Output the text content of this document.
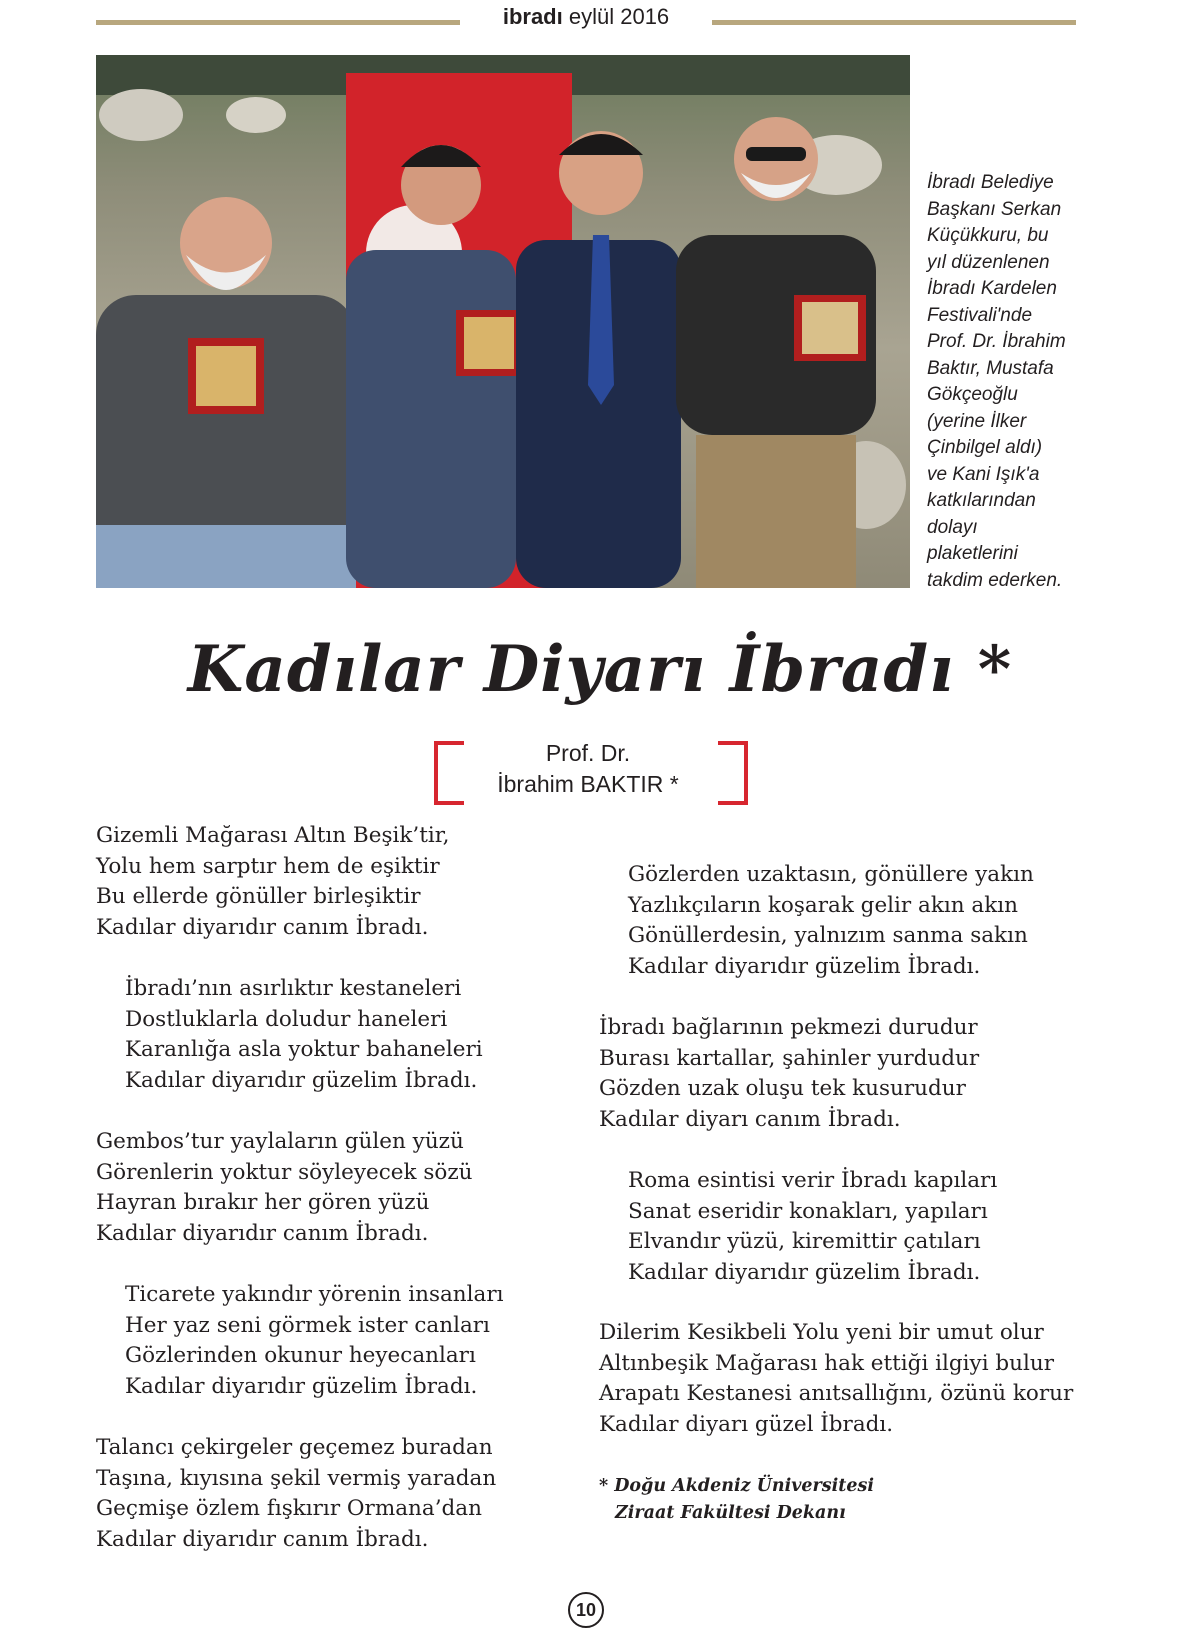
ibradı eylül 2016
İbradı Belediye
Başkanı Serkan
Küçükkuru, bu
yıl düzenlenen
İbradı Kardelen
Festivali'nde
Prof. Dr. İbrahim
Baktır, Mustafa
Gökçeoğlu
(yerine İlker
Çinbilgel aldı)
ve Kani Işık'a
katkılarından
dolayı
plaketlerini
takdim ederken.
Kadılar Diyarı İbradı *
Prof. Dr.
İbrahim BAKTIR *
Gizemli Mağarası Altın Beşik’tir,
Yolu hem sarptır hem de eşiktir
Bu ellerde gönüller birleşiktir
Kadılar diyarıdır canım İbradı.
İbradı’nın asırlıktır kestaneleri
Dostluklarla doludur haneleri
Karanlığa asla yoktur bahaneleri
Kadılar diyarıdır güzelim İbradı.
Gembos’tur yaylaların gülen yüzü
Görenlerin yoktur söyleyecek sözü
Hayran bırakır her gören yüzü
Kadılar diyarıdır canım İbradı.
Ticarete yakındır yörenin insanları
Her yaz seni görmek ister canları
Gözlerinden okunur heyecanları
Kadılar diyarıdır güzelim İbradı.
Talancı çekirgeler geçemez buradan
Taşına, kıyısına şekil vermiş yaradan
Geçmişe özlem fışkırır Ormana’dan
Kadılar diyarıdır canım İbradı.
Gözlerden uzaktasın, gönüllere yakın
Yazlıkçıların koşarak gelir akın akın
Gönüllerdesin, yalnızım sanma sakın
Kadılar diyarıdır güzelim İbradı.
İbradı bağlarının pekmezi durudur
Burası kartallar, şahinler yurdudur
Gözden uzak oluşu tek kusurudur
Kadılar diyarı canım İbradı.
Roma esintisi verir İbradı kapıları
Sanat eseridir konakları, yapıları
Elvandır yüzü, kiremittir çatıları
Kadılar diyarıdır güzelim İbradı.
Dilerim Kesikbeli Yolu yeni bir umut olur
Altınbeşik Mağarası hak ettiği ilgiyi bulur
Arapatı Kestanesi anıtsallığını, özünü korur
Kadılar diyarı güzel İbradı.
* Doğu Akdeniz Üniversitesi
Ziraat Fakültesi Dekanı
10
